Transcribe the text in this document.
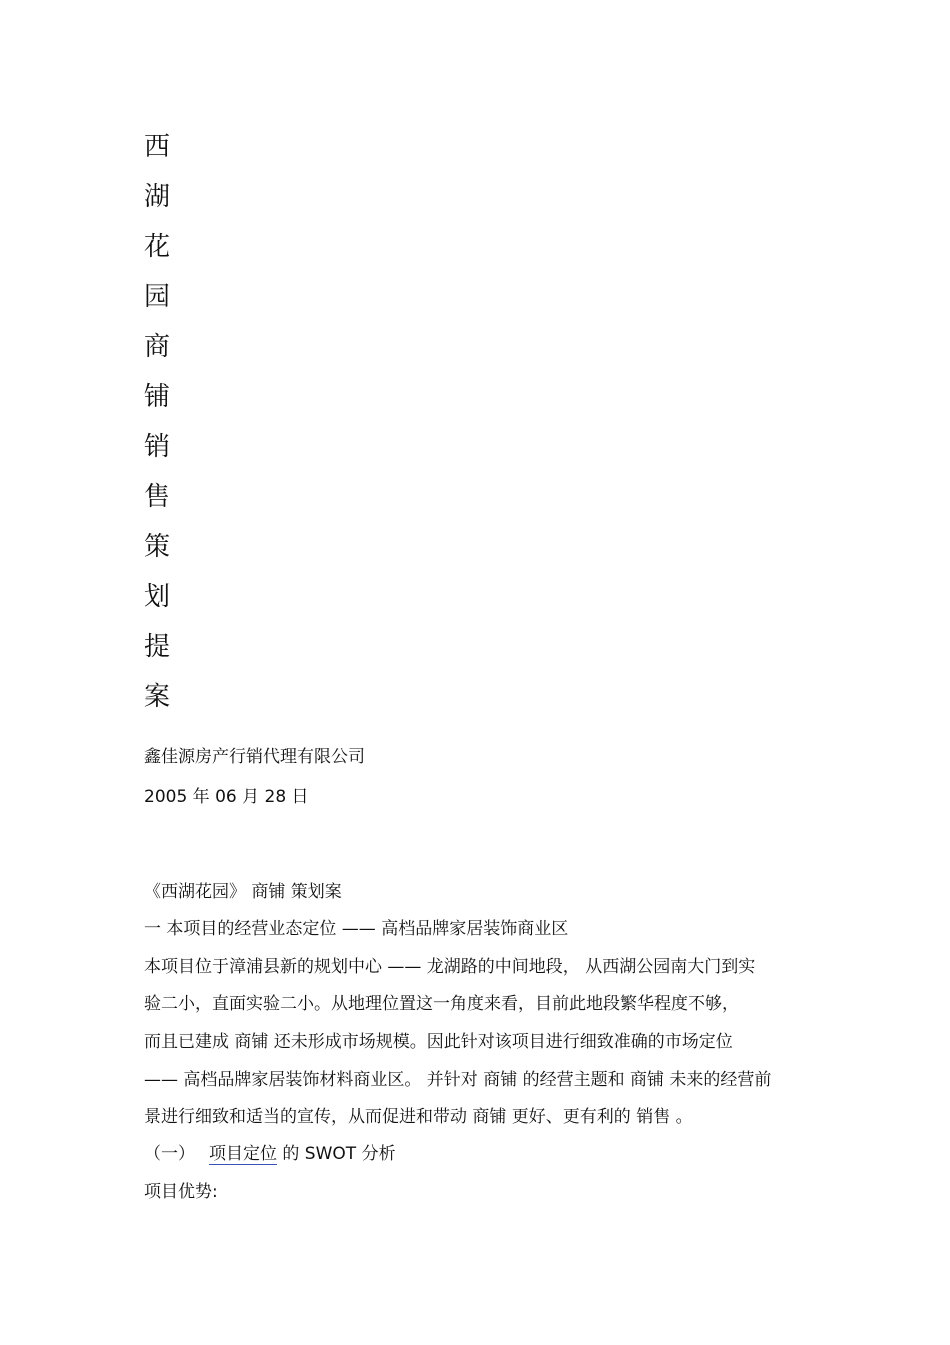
西
湖
花
园
商
铺
销
售
策
划
提
案
鑫佳源房产行销代理有限公司
2005 年 06 月 28 日
《西湖花园》 商铺 策划案
一 本项目的经营业态定位 —— 高档品牌家居装饰商业区
本项目位于漳浦县新的规划中心 —— 龙湖路的中间地段， 从西湖公园南大门到实
验二小，直面实验二小。从地理位置这一角度来看，目前此地段繁华程度不够，
而且已建成 商铺 还未形成市场规模。因此针对该项目进行细致准确的市场定位
—— 高档品牌家居装饰材料商业区。 并针对 商铺 的经营主题和 商铺 未来的经营前
景进行细致和适当的宣传，从而促进和带动 商铺 更好、更有利的 销售 。
（一） 项目定位 的 SWOT 分析
项目优势:
